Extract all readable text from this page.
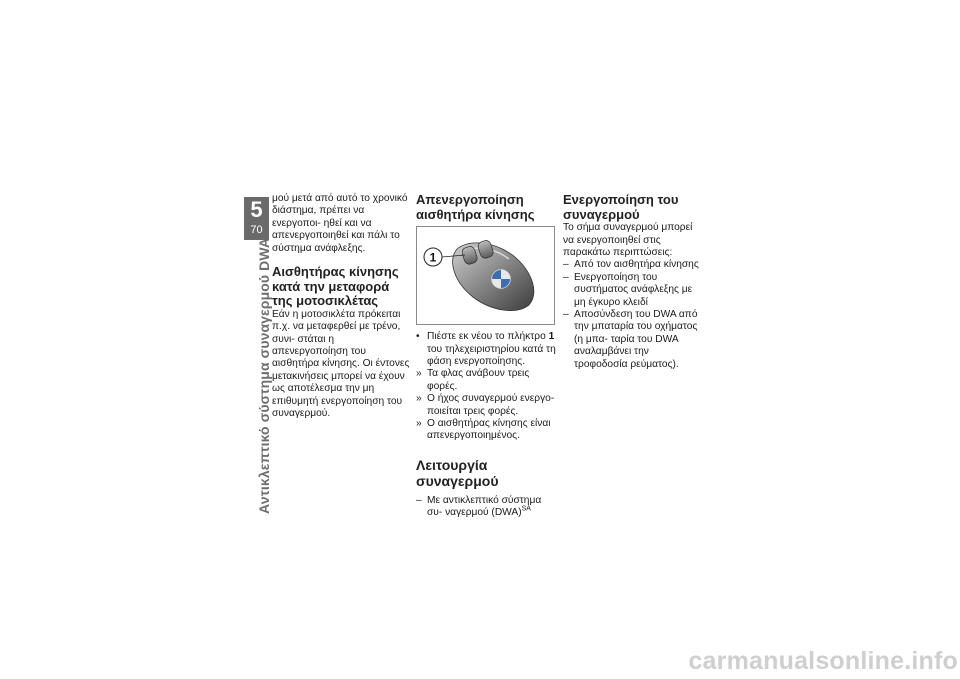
5
70
Αντικλεπτικό σύστημα συναγερμού DWA

μού μετά από αυτό το χρονικό διάστημα, πρέπει να ενεργοποι- ηθεί και να απενεργοποιηθεί και πάλι το σύστημα ανάφλεξης.

Αισθητήρας κίνησης κατά την μεταφορά της μοτοσικλέτας

Εάν η μοτοσικλέτα πρόκειται π.χ. να μεταφερθεί με τρένο, συνι- στάται η απενεργοποίηση του αισθητήρα κίνησης. Οι έντονες μετακινήσεις μπορεί να έχουν ως αποτέλεσμα την μη επιθυμητή ενεργοποίηση του συναγερμού.

Απενεργοποίηση αισθητήρα κίνησης
1
• Πιέστε εκ νέου το πλήκτρο 1 του τηλεχειριστηρίου κατά τη φάση ενεργοποίησης.
» Τα φλας ανάβουν τρεις φορές.
» Ο ήχος συναγερμού ενεργο- ποιείται τρεις φορές.
» Ο αισθητήρας κίνησης είναι απενεργοποιημένος.
Λειτουργία συναγερμού
– Με αντικλεπτικό σύστημα συ- ναγερμού (DWA)$^{SA}$
Ενεργοποίηση του συναγερμού

Το σήμα συναγερμού μπορεί να ενεργοποιηθεί στις παρακάτω περιπτώσεις:

– Από τον αισθητήρα κίνησης
– Ενεργοποίηση του συστήματος ανάφλεξης με μη έγκυρο κλειδί
– Αποσύνδεση του DWA από την μπαταρία του οχήματος (η μπα- ταρία του DWA αναλαμβάνει την τροφοδοσία ρεύματος).
carmanualsonline.info
